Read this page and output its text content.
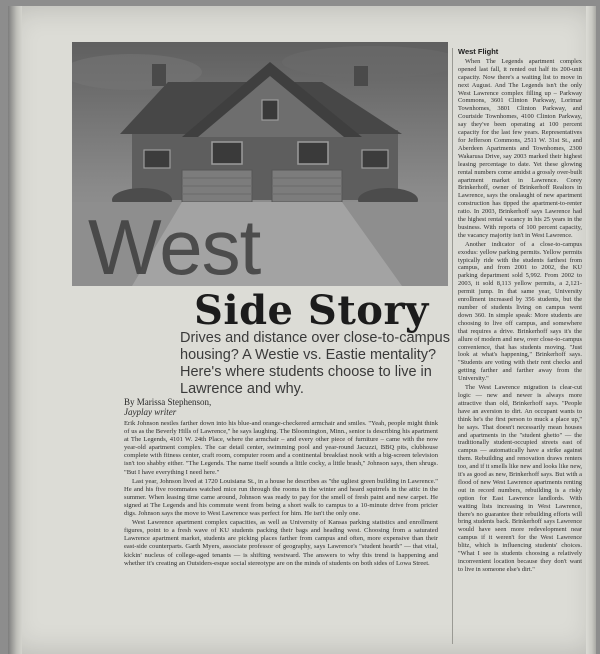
West
Side Story
Drives and distance over close-to-campus housing? A Westie vs. Eastie mentality? Here's where students choose to live in Lawrence and why.
By Marissa Stephenson,
Jayplay writer

Erik Johnson nestles farther down into his blue-and orange-checkered armchair and smiles. "Yeah, people might think of us as the Beverly Hills of Lawrence," he says laughing. The Bloomington, Minn., senior is describing his apartment at The Legends, 4101 W. 24th Place, where the armchair – and every other piece of furniture – came with the now year-old apartment complex. The car detail center, swimming pool and year-round Jacuzzi, BBQ pits, clubhouse complete with fitness center, craft room, computer room and a continental breakfast nook with a big-screen television isn't too shabby either. "The Legends. The name itself sounds a little cocky, a little brash," Johnson says, then shrugs. "But I have everything I need here."

Last year, Johnson lived at 1720 Louisiana St., in a house he describes as "the ugliest green building in Lawrence." He and his five roommates watched mice run through the rooms in the winter and heard squirrels in the attic in the summer. When leasing time came around, Johnson was ready to pay for the smell of fresh paint and new carpet. He signed at The Legends and his commute went from being a short walk to campus to a 10-minute drive from pricier digs. Johnson says the move to West Lawrence was perfect for him. He isn't the only one.

West Lawrence apartment complex capacities, as well as University of Kansas parking statistics and enrollment figures, point to a fresh wave of KU students packing their bags and heading west. Choosing from a saturated Lawrence apartment market, students are picking places farther from campus and often, more expensive than their east-side counterparts. Garth Myers, associate professor of geography, says Lawrence's "student hearth" — that vital, kickin' nucleus of college-aged tenants — is shifting westward. The answers to why this trend is happening and whether it's creating an Outsiders-esque social stereotype are on the minds of students on both sides of Lowa Street.

West Flight

When The Legends apartment complex opened last fall, it rented out half its 200-unit capacity. Now there's a waiting list to move in next August. And The Legends isn't the only West Lawrence complex filling up – Parkway Commons, 3601 Clinton Parkway, Lorimar Townhomes, 3801 Clinton Parkway, and Courtside Townhomes, 4100 Clinton Parkway, say they've been operating at 100 percent capacity for the last few years. Representatives for Jefferson Commons, 2511 W. 31st St., and Aberdeen Apartments and Townhomes, 2300 Wakarusa Drive, say 2003 marked their highest leasing percentage to date. Yet these glowing rental numbers come amidst a grossly over-built apartment market in Lawrence. Corey Brinkerhoff, owner of Brinkerhoff Realtors in Lawrence, says the onslaught of new apartment construction has tipped the apartment-to-renter ratio. In 2003, Brinkerhoff says Lawrence had the highest rental vacancy in his 25 years in the business. With reports of 100 percent capacity, the vacancy majority isn't in West Lawrence.

Another indicator of a close-to-campus exodus: yellow parking permits. Yellow permits typically ride with the students farthest from campus, and from 2001 to 2002, the KU parking department sold 5,992. From 2002 to 2003, it sold 8,113 yellow permits, a 2,121-permit jump. In that same year, University enrollment increased by 356 students, but the number of students living on campus went down 360. In simple speak: More students are choosing to live off campus, and somewhere that requires a drive. Brinkerhoff says it's the allure of modern and new, over close-to-campus convenience, that has students moving. "Just look at what's happening," Brinkerhoff says. "Students are voting with their rent checks and getting farther and farther away from the University."

The West Lawrence migration is clear-cut logic — new and newer is always more attractive than old, Brinkerhoff says. "People have an aversion to dirt. An occupant wants to think he's the first person to muck a place up," he says. That doesn't necessarily mean houses and apartments in the "student ghetto" — the traditionally student-occupied streets east of campus — automatically have a strike against them. Rebuilding and renovation draws renters too, and if it smells like new and looks like new, it's as good as new, Brinkerhoff says. But with a flood of new West Lawrence apartments renting out in record numbers, rebuilding is a risky option for East Lawrence landlords. With waiting lists increasing in West Lawrence, there's no guarantee their rebuilding efforts will bring students back. Brinkerhoff says Lawrence would have seen more redevelopment near campus if it weren't for the West Lawrence blitz, which is influencing students' choices. "What I see is students choosing a relatively inconvenient location because they don't want to live in someone else's dirt."
